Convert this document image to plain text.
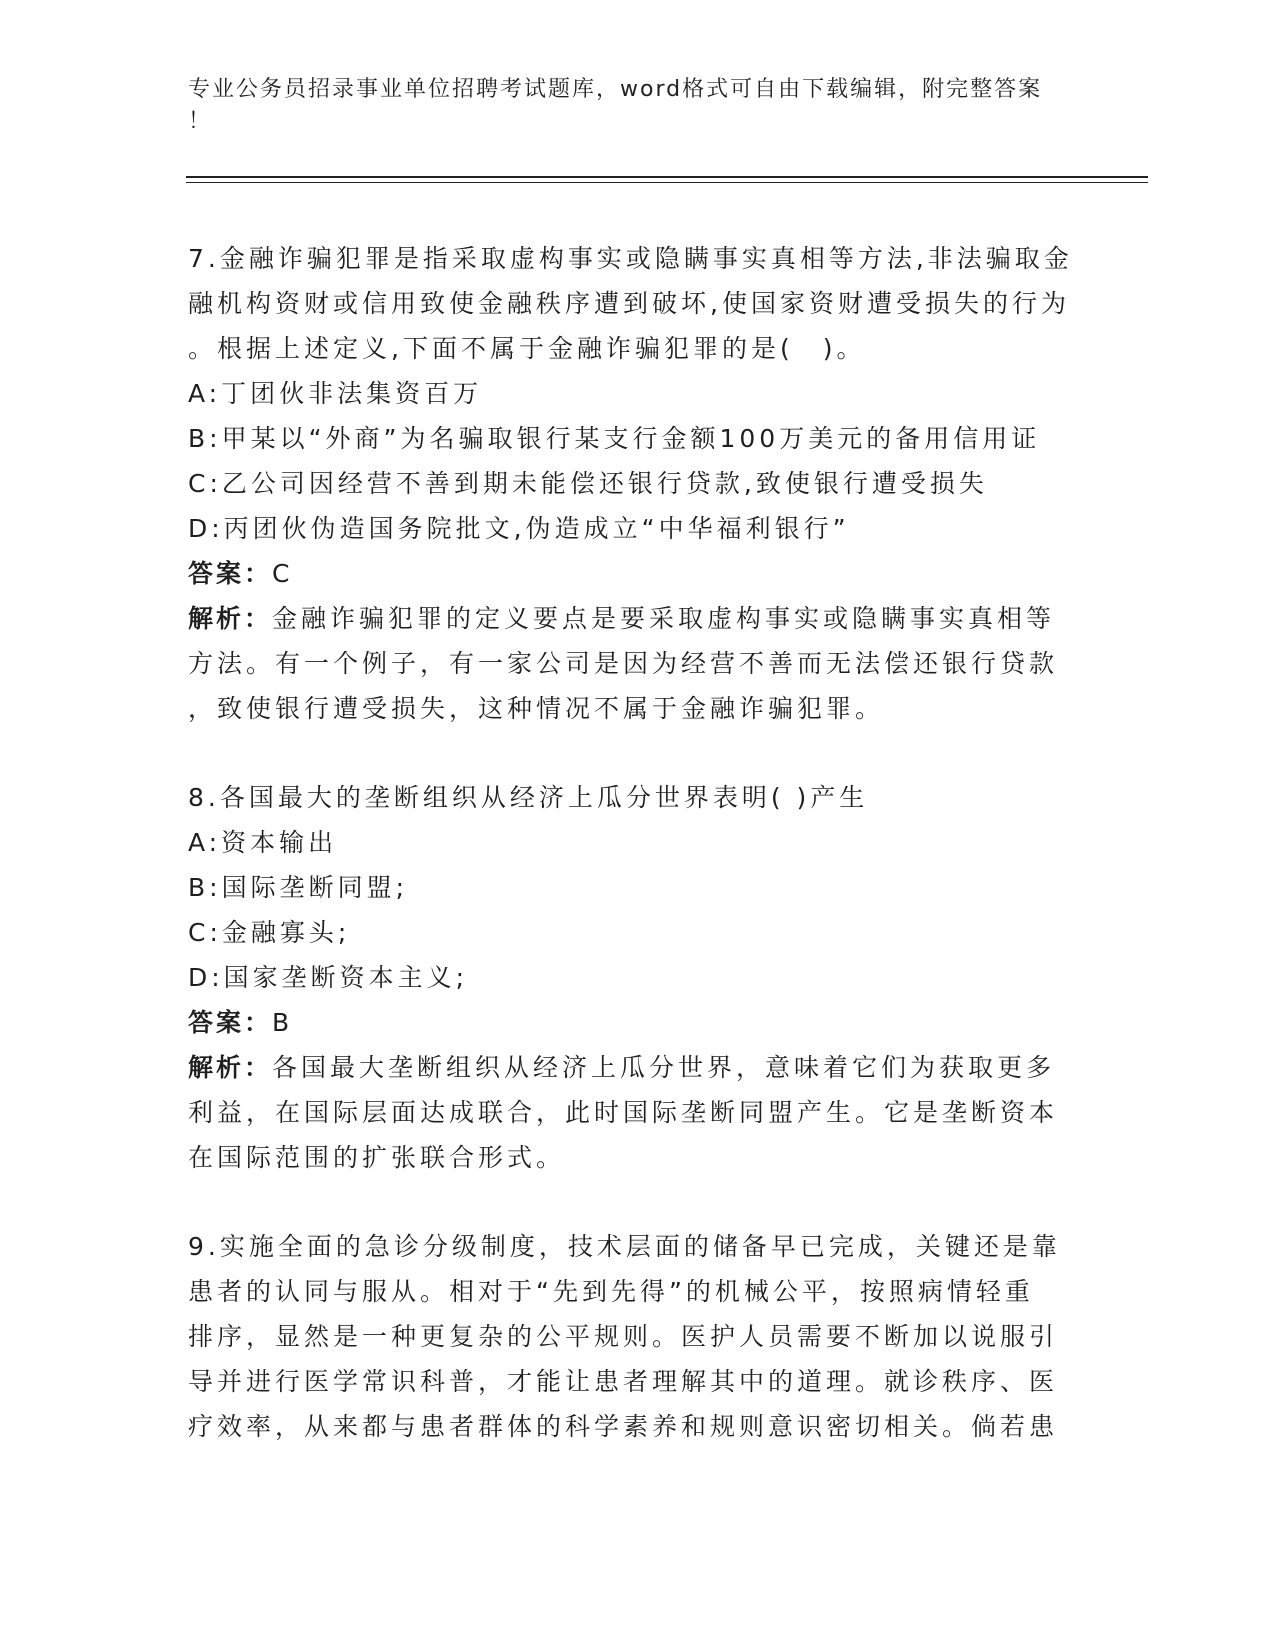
专业公务员招录事业单位招聘考试题库，word格式可自由下载编辑，附完整答案
！
7.金融诈骗犯罪是指采取虚构事实或隐瞒事实真相等方法,非法骗取金
融机构资财或信用致使金融秩序遭到破坏,使国家资财遭受损失的行为
。根据上述定义,下面不属于金融诈骗犯罪的是(　)。
A:丁团伙非法集资百万
B:甲某以“外商”为名骗取银行某支行金额100万美元的备用信用证
C:乙公司因经营不善到期未能偿还银行贷款,致使银行遭受损失
D:丙团伙伪造国务院批文,伪造成立“中华福利银行”
答案：C
解析：金融诈骗犯罪的定义要点是要采取虚构事实或隐瞒事实真相等
方法。有一个例子，有一家公司是因为经营不善而无法偿还银行贷款
，致使银行遭受损失，这种情况不属于金融诈骗犯罪。
8.各国最大的垄断组织从经济上瓜分世界表明( )产生
A:资本输出
B:国际垄断同盟;
C:金融寡头;
D:国家垄断资本主义;
答案：B
解析：各国最大垄断组织从经济上瓜分世界，意味着它们为获取更多
利益，在国际层面达成联合，此时国际垄断同盟产生。它是垄断资本
在国际范围的扩张联合形式。
9.实施全面的急诊分级制度，技术层面的储备早已完成，关键还是靠
患者的认同与服从。相对于“先到先得”的机械公平，按照病情轻重
排序，显然是一种更复杂的公平规则。医护人员需要不断加以说服引
导并进行医学常识科普，才能让患者理解其中的道理。就诊秩序、医
疗效率，从来都与患者群体的科学素养和规则意识密切相关。倘若患
